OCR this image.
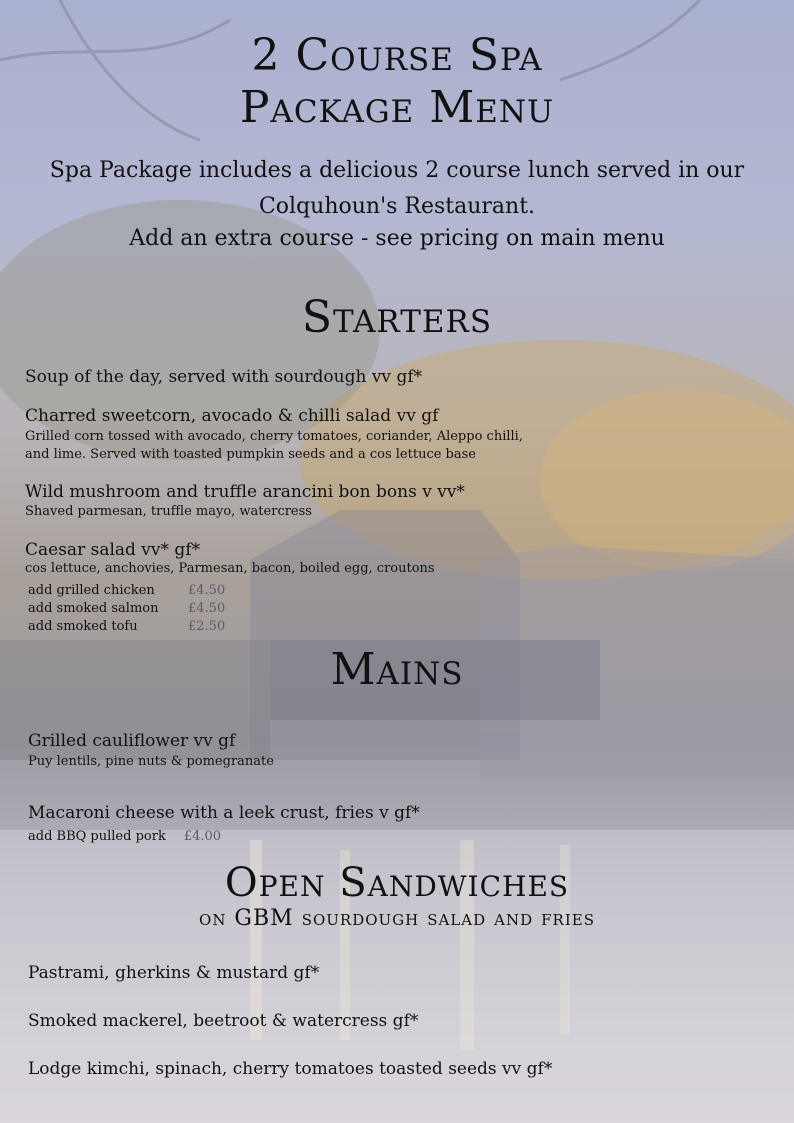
2 Course Spa
Package Menu
Spa Package includes a delicious 2 course lunch served in our
Colquhoun's Restaurant.
Add an extra course - see pricing on main menu
Starters
Soup of the day, served with sourdough vv gf*
Charred sweetcorn, avocado & chilli salad vv gf
Grilled corn tossed with avocado, cherry tomatoes, coriander, Aleppo chilli,
and lime. Served with toasted pumpkin seeds and a cos lettuce base
Wild mushroom and truffle arancini bon bons v vv*
Shaved parmesan, truffle mayo, watercress
Caesar salad vv* gf*
cos lettuce, anchovies, Parmesan, bacon, boiled egg, croutons
add grilled chicken	£4.50
add smoked salmon	£4.50
add smoked tofu	£2.50
Mains
Grilled cauliflower vv gf
Puy lentils, pine nuts & pomegranate
Macaroni cheese with a leek crust, fries v gf*
add BBQ pulled pork £4.00
Open Sandwiches
on GBM sourdough salad and fries
Pastrami, gherkins & mustard gf*
Smoked mackerel, beetroot & watercress gf*
Lodge kimchi, spinach, cherry tomatoes toasted seeds vv gf*
